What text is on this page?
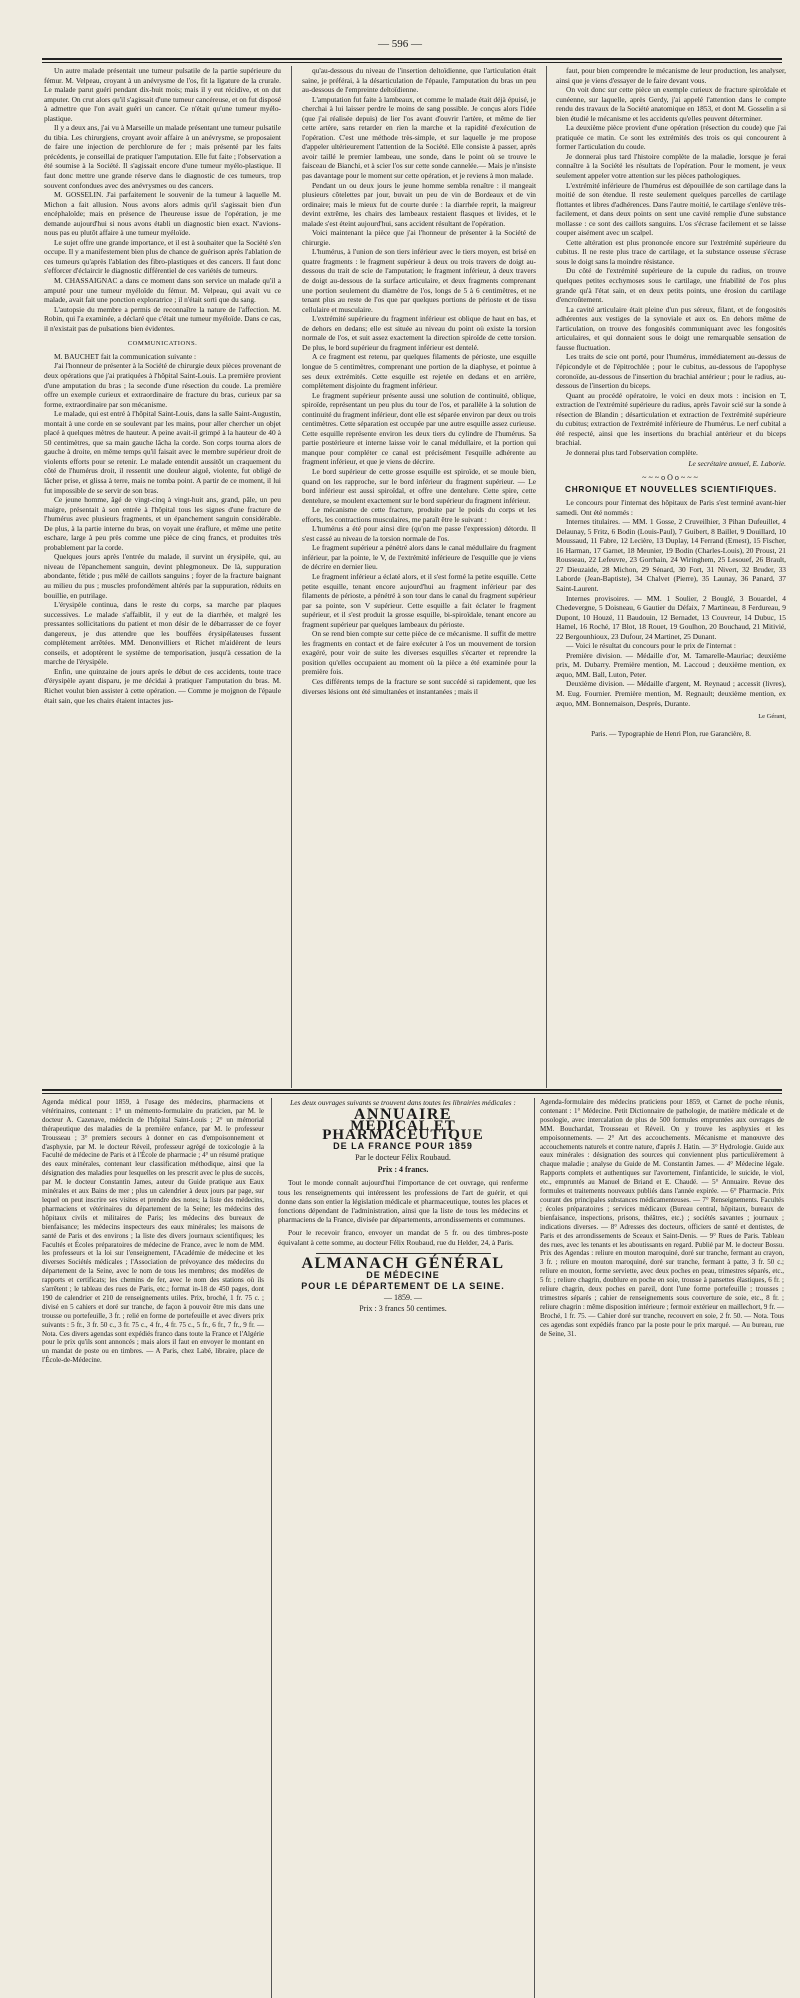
— 596 —

Un autre malade présentait une tumeur pulsatile de la partie supérieure du fémur. M. Velpeau, croyant à un anévrysme de l'os, fit la ligature de la crurale. Le malade parut guéri pendant dix-huit mois; mais il y eut récidive, et on dut amputer. On crut alors qu'il s'agissait d'une tumeur cancéreuse, et on fut disposé à admettre que l'on avait guéri un cancer. Ce n'était qu'une tumeur myélo-plastique.

Il y a deux ans, j'ai vu à Marseille un malade présentant une tumeur pulsatile du tibia. Les chirurgiens, croyant avoir affaire à un anévrysme, se proposaient de faire une injection de perchlorure de fer ; mais présenté par les faits précédents, je conseillai de pratiquer l'amputation. Elle fut faite ; l'observation a été soumise à la Société. Il s'agissait encore d'une tumeur myélo-plastique. Il faut donc mettre une grande réserve dans le diagnostic de ces tumeurs, trop souvent confondues avec des anévrysmes ou des cancers.

M. GOSSELIN. J'ai parfaitement le souvenir de la tumeur à laquelle M. Michon a fait allusion. Nous avons alors admis qu'il s'agissait bien d'un encéphaloïde; mais en présence de l'heureuse issue de l'opération, je me demande aujourd'hui si nous avons établi un diagnostic bien exact. N'avions-nous pas eu plutôt affaire à une tumeur myéloïde.

Le sujet offre une grande importance, et il est à souhaiter que la Société s'en occupe. Il y a manifestement bien plus de chance de guérison après l'ablation de ces tumeurs qu'après l'ablation des fibro-plastiques et des cancers. Il faut donc s'efforcer d'éclaircir le diagnostic différentiel de ces variétés de tumeurs.

M. CHASSAIGNAC a dans ce moment dans son service un malade qu'il a amputé pour une tumeur myéloïde du fémur. M. Velpeau, qui avait vu ce malade, avait fait une ponction exploratrice ; il n'était sorti que du sang.

L'autopsie du membre a permis de reconnaître la nature de l'affection. M. Robin, qui l'a examinée, a déclaré que c'était une tumeur myéloïde. Dans ce cas, il n'existait pas de pulsations bien évidentes.

COMMUNICATIONS.

M. BAUCHET fait la communication suivante :

J'ai l'honneur de présenter à la Société de chirurgie deux pièces provenant de deux opérations que j'ai pratiquées à l'hôpital Saint-Louis. La première provient d'une amputation du bras ; la seconde d'une résection du coude. La première offre un exemple curieux et extraordinaire de fracture du bras, curieux par sa forme, extraordinaire par son mécanisme.

Le malade, qui est entré à l'hôpital Saint-Louis, dans la salle Saint-Augustin, montait à une corde en se soulevant par les mains, pour aller chercher un objet placé à quelques mètres de hauteur. A peine avait-il grimpé à la hauteur de 40 à 50 centimètres, que sa main gauche lâcha la corde. Son corps tourna alors de gauche à droite, en même temps qu'il faisait avec le membre supérieur droit de violents efforts pour se retenir. Le malade entendit aussitôt un craquement du côté de l'humérus droit, il ressentit une douleur aiguë, violente, fut obligé de lâcher prise, et glissa à terre, mais ne tomba point. A partir de ce moment, il lui fut impossible de se servir de son bras.

Ce jeune homme, âgé de vingt-cinq à vingt-huit ans, grand, pâle, un peu maigre, présentait à son entrée à l'hôpital tous les signes d'une fracture de l'humérus avec plusieurs fragments, et un épanchement sanguin considérable. De plus, à la partie interne du bras, on voyait une éraflure, et même une petite eschare, large à peu près comme une pièce de cinq francs, et produites très probablement par la corde.

Quelques jours après l'entrée du malade, il survint un érysipèle, qui, au niveau de l'épanchement sanguin, devint phlegmoneux. De là, suppuration abondante, fétide ; pus mêlé de caillots sanguins ; foyer de la fracture baignant au milieu du pus ; muscles profondément altérés par la suppuration, réduits en bouillie, en putrilage.

L'érysipèle continua, dans le reste du corps, sa marche par plaques successives. Le malade s'affaiblit, il y eut de la diarrhée, et malgré les pressantes sollicitations du patient et mon désir de le débarrasser de ce foyer dangereux, je dus attendre que les bouffées érysipélateuses fussent complètement arrêtées. MM. Denonvilliers et Richet m'aidèrent de leurs conseils, et adoptèrent le système de temporisation, jusqu'à cessation de la marche de l'érysipèle.

Enfin, une quinzaine de jours après le début de ces accidents, toute trace d'érysipèle ayant disparu, je me décidai à pratiquer l'amputation du bras. M. Richet voulut bien assister à cette opération. — Comme je mojgnon de l'épaule était sain, que les chairs étaient intactes jus-

qu'au-dessous du niveau de l'insertion deltoïdienne, que l'articulation était saine, je préférai, à la désarticulation de l'épaule, l'amputation du bras un peu au-dessous de l'empreinte deltoïdienne.

L'amputation fut faite à lambeaux, et comme le malade était déjà épuisé, je cherchai à lui laisser perdre le moins de sang possible. Je conçus alors l'idée (que j'ai réalisée depuis) de lier l'os avant d'ouvrir l'artère, et même de lier cette artère, sans retarder en rien la marche et la rapidité d'exécution de l'opération. C'est une méthode très-simple, et sur laquelle je me propose d'appeler ultérieurement l'attention de la Société. Elle consiste à passer, après avoir taillé le premier lambeau, une sonde, dans le point où se trouve le faisceau de Bianchi, et à scier l'os sur cette sonde cannelée.— Mais je n'insiste pas davantage pour le moment sur cette opération, et je reviens à mon malade.

Pendant un ou deux jours le jeune homme sembla renaître : il mangeait plusieurs côtelettes par jour, buvait un peu de vin de Bordeaux et de vin ordinaire; mais le mieux fut de courte durée : la diarrhée reprit, la maigreur devint extrême, les chairs des lambeaux restaient flasques et livides, et le malade s'est éteint aujourd'hui, sans accident résultant de l'opération.

Voici maintenant la pièce que j'ai l'honneur de présenter à la Société de chirurgie.

L'humérus, à l'union de son tiers inférieur avec le tiers moyen, est brisé en quatre fragments : le fragment supérieur à deux ou trois travers de doigt au-dessous du trait de scie de l'amputation; le fragment inférieur, à deux travers de doigt au-dessous de la surface articulaire, et deux fragments comprenant une portion seulement du diamètre de l'os, longs de 5 à 6 centimètres, et ne tenant plus au reste de l'os que par quelques portions de périoste et de tissu cellulaire et musculaire.

L'extrémité supérieure du fragment inférieur est oblique de haut en bas, et de dehors en dedans; elle est située au niveau du point où existe la torsion normale de l'os, et suit assez exactement la direction spiroïde de cette torsion. De plus, le bord supérieur du fragment inférieur est dentelé.

A ce fragment est retenu, par quelques filaments de périoste, une esquille longue de 5 centimètres, comprenant une portion de la diaphyse, et pointue à ses deux extrémités. Cette esquille est rejetée en dedans et en arrière, complètement disjointe du fragment inférieur.

Le fragment supérieur présente aussi une solution de continuité, oblique, spiroïde, représentant un peu plus du tour de l'os, et parallèle à la solution de continuité du fragment inférieur, dont elle est séparée environ par deux ou trois centimètres. Cette séparation est occupée par une autre esquille assez curieuse. Cette esquille représente environ les deux tiers du cylindre de l'humérus. Sa partie postérieure et interne laisse voir le canal médullaire, et la portion qui manque pour compléter ce canal est précisément l'esquille adhérente au fragment inférieur, et que je viens de décrire.

Le bord supérieur de cette grosse esquille est spiroïde, et se moule bien, quand on les rapproche, sur le bord inférieur du fragment supérieur. — Le bord inférieur est aussi spiroïdal, et offre une dentelure. Cette spire, cette dentelure, se moulent exactement sur le bord supérieur du fragment inférieur.

Le mécanisme de cette fracture, produite par le poids du corps et les efforts, les contractions musculaires, me paraît être le suivant :

L'humérus a été pour ainsi dire (qu'on me passe l'expression) détordu. Il s'est cassé au niveau de la torsion normale de l'os.

Le fragment supérieur a pénétré alors dans le canal médullaire du fragment inférieur, par la pointe, le V, de l'extrémité inférieure de l'esquille que je viens de décrire en dernier lieu.

Le fragment inférieur a éclaté alors, et il s'est formé la petite esquille. Cette petite esquille, tenant encore aujourd'hui au fragment inférieur par des filaments de périoste, a pénétré à son tour dans le canal du fragment supérieur par sa pointe, son V supérieur. Cette esquille a fait éclater le fragment supérieur, et il s'est produit la grosse esquille, bi-spiroïdale, tenant encore au fragment supérieur par quelques lambeaux du périoste.

On se rend bien compte sur cette pièce de ce mécanisme. Il suffit de mettre les fragments en contact et de faire exécuter à l'os un mouvement de torsion exagéré, pour voir de suite les diverses esquilles s'écarter et reprendre la position qu'elles occupaient au moment où la pièce a été examinée pour la première fois.

Ces différents temps de la fracture se sont succédé si rapidement, que les diverses lésions ont été simultanées et instantanées ; mais il

faut, pour bien comprendre le mécanisme de leur production, les analyser, ainsi que je viens d'essayer de le faire devant vous.

On voit donc sur cette pièce un exemple curieux de fracture spiroïdale et cunéenne, sur laquelle, après Gerdy, j'ai appelé l'attention dans le compte rendu des travaux de la Société anatomique en 1853, et dont M. Gosselin a si bien étudié le mécanisme et les accidents qu'elles peuvent déterminer.

La deuxième pièce provient d'une opération (résection du coude) que j'ai pratiquée ce matin. Ce sont les extrémités des trois os qui concourent à former l'articulation du coude.

Je donnerai plus tard l'histoire complète de la maladie, lorsque je ferai connaître à la Société les résultats de l'opération. Pour le moment, je veux seulement appeler votre attention sur les pièces pathologiques.

L'extrémité inférieure de l'humérus est dépouillée de son cartilage dans la moitié de son étendue. Il reste seulement quelques parcelles de cartilage flottantes et libres d'adhérences. Dans l'autre moitié, le cartilage s'enlève très-facilement, et dans deux points on sent une cavité remplie d'une substance mollasse : ce sont des caillots sanguins. L'os s'écrase facilement et se laisse couper aisément avec un scalpel.

Cette altération est plus prononcée encore sur l'extrémité supérieure du cubitus. Il ne reste plus trace de cartilage, et la substance osseuse s'écrase sous le doigt sans la moindre résistance.

Du côté de l'extrémité supérieure de la cupule du radius, on trouve quelques petites ecchymoses sous le cartilage, une friabilité de l'os plus grande qu'à l'état sain, et en deux petits points, une érosion du cartilage d'encroûtement.

La cavité articulaire était pleine d'un pus séreux, filant, et de fongosités adhérentes aux vestiges de la synoviale et aux os. En dehors même de l'articulation, on trouve des fongosités communiquant avec les fongosités articulaires, et qui donnaient sous le doigt une remarquable sensation de fausse fluctuation.

Les traits de scie ont porté, pour l'humérus, immédiatement au-dessus de l'épicondyle et de l'épitrochlée ; pour le cubitus, au-dessous de l'apophyse coronoïde, au-dessous de l'insertion du brachial antérieur ; pour le radius, au-dessous de l'insertion du biceps.

Quant au procédé opératoire, le voici en deux mots : incision en T, extraction de l'extrémité supérieure du radius, après l'avoir scié sur la sonde à résection de Blandin ; désarticulation et extraction de l'extrémité supérieure du cubitus; extraction de l'extrémité inférieure de l'humérus. Le nerf cubital a été respecté, ainsi que les insertions du brachial antérieur et du biceps brachial.

Je donnerai plus tard l'observation complète.

Le secrétaire annuel, E. Laborie.
~~~oOo~~~
CHRONIQUE ET NOUVELLES SCIENTIFIQUES.

Le concours pour l'internat des hôpitaux de Paris s'est terminé avant-hier samedi. Ont été nommés :

Internes titulaires. — MM. 1 Gosse, 2 Cruveilhier, 3 Pihan Dufeuillet, 4 Delaunay, 5 Fritz, 6 Bodin (Louis-Paul), 7 Guibert, 8 Baillet, 9 Douillard, 10 Moussaud, 11 Fabre, 12 Lecière, 13 Duplay, 14 Ferrand (Ernest), 15 Fischer, 16 Harman, 17 Garnet, 18 Meunier, 19 Bodin (Charles-Louis), 20 Proust, 21 Rousseau, 22 Lefeuvre, 23 Gorrhain, 24 Wiringhem, 25 Lesouef, 26 Brault, 27 Dieuzaide, 28 Michon, 29 Sénard, 30 Fort, 31 Nivert, 32 Bruder, 33 Laborde (Jean-Baptiste), 34 Chalvet (Pierre), 35 Launay, 36 Panard, 37 Saint-Laurent.

Internes provisoires. — MM. 1 Soulier, 2 Bouglé, 3 Bouardel, 4 Chedevergne, 5 Doisneau, 6 Gautier du Défaix, 7 Martineau, 8 Ferdureau, 9 Dupont, 10 Houzé, 11 Baudouin, 12 Bernadet, 13 Couvreur, 14 Dubuc, 15 Hamel, 16 Roché, 17 Blot, 18 Rouet, 19 Goulhon, 20 Bouchaud, 21 Mitivié, 22 Bergounhioux, 23 Dufour, 24 Martinet, 25 Dunant.

— Voici le résultat du concours pour le prix de l'internat :

Première division. — Médaille d'or, M. Tamarelle-Mauriac; deuxième prix, M. Dubarry. Première mention, M. Laccoud ; deuxième mention, ex æquo, MM. Ball, Luton, Peter.

Deuxième division. — Médaille d'argent, M. Reynaud ; accessit (livres), M. Eug. Fournier. Première mention, M. Regnault; deuxième mention, ex æquo, MM. Bonnemaison, Desprès, Durante.

Le Gérant,
Paris. — Typographie de Henri Plon, rue Garancière, 8.
Agenda médical pour 1859, à l'usage des médecins, pharmaciens et vétérinaires, contenant : 1° un mémento-formulaire du praticien, par M. le docteur A. Cazenave, médecin de l'hôpital Saint-Louis ; 2° un mémorial thérapeutique des maladies de la première enfance, par M. le professeur Trousseau ; 3° premiers secours à donner en cas d'empoisonnement et d'asphyxie, par M. le docteur Réveil, professeur agrégé de toxicologie à la Faculté de médecine de Paris et à l'École de pharmacie ; 4° un résumé pratique des eaux minérales, contenant leur classification méthodique, ainsi que la désignation des maladies pour lesquelles on les prescrit avec le plus de succès, par M. le docteur Constantin James, auteur du Guide pratique aux Eaux minérales et aux Bains de mer ; plus un calendrier à deux jours par page, sur lequel on peut inscrire ses visites et prendre des notes; la liste des médecins, pharmaciens et vétérinaires du département de la Seine; les médecins des hôpitaux civils et militaires de Paris; les médecins des bureaux de bienfaisance; les médecins inspecteurs des eaux minérales; les maisons de santé de Paris et des environs ; la liste des divers journaux scientifiques; les Facultés et Écoles préparatoires de médecine de France, avec le nom de MM. les professeurs et la loi sur l'enseignement, l'Académie de médecine et les diverses Sociétés médicales ; l'Association de prévoyance des médecins du département de la Seine, avec le nom de tous les membres; des modèles de rapports et certificats; les chemins de fer, avec le nom des stations où ils s'arrêtent ; le tableau des rues de Paris, etc.; format in-18 de 450 pages, dont 190 de calendrier et 210 de renseignements utiles. Prix, broché, 1 fr. 75 c. ; divisé en 5 cahiers et doré sur tranche, de façon à pouvoir être mis dans une trousse ou portefeuille, 3 fr. ; relié en forme de portefeuille et avec divers prix suivants : 5 fr., 3 fr. 50 c., 3 fr. 75 c., 4 fr., 4 fr. 75 c., 5 fr., 6 fr., 7 fr., 9 fr. — Nota. Ces divers agendas sont expédiés franco dans toute la France et l'Algérie pour le prix qu'ils sont annoncés ; mais alors il faut en envoyer le montant en un mandat de poste ou en timbres. — A Paris, chez Labé, libraire, place de l'École-de-Médecine.
Les deux ouvrages suivants se trouvent dans toutes les librairies médicales :
ANNUAIRE
MÉDICAL ET PHARMACEUTIQUE
DE LA FRANCE POUR 1859
Par le docteur Félix Roubaud.
Prix : 4 francs.
Tout le monde connaît aujourd'hui l'importance de cet ouvrage, qui renferme tous les renseignements qui intéressent les professions de l'art de guérir, et qui donne dans son entier la législation médicale et pharmaceutique, toutes les places et fonctions dépendant de l'administration, ainsi que la liste de tous les médecins et pharmaciens de la France, divisée par départements, arrondissements et communes.
Pour le recevoir franco, envoyer un mandat de 5 fr. ou des timbres-poste équivalant à cette somme, au docteur Félix Roubaud, rue du Helder, 24, à Paris.
ALMANACH GÉNÉRAL
DE MÉDECINE
POUR LE DÉPARTEMENT DE LA SEINE.
— 1859. —
Prix : 3 francs 50 centimes.
Agenda-formulaire des médecins praticiens pour 1859, et Carnet de poche réunis, contenant : 1° Médecine. Petit Dictionnaire de pathologie, de matière médicale et de posologie, avec intercalation de plus de 500 formules empruntées aux ouvrages de MM. Bouchardat, Trousseau et Réveil. On y trouve les asphyxies et les empoisonnements. — 2° Art des accouchements. Mécanisme et manœuvre des accouchements naturels et contre nature, d'après J. Hatin. — 3° Hydrologie. Guide aux eaux minérales : désignation des sources qui conviennent plus particulièrement à chaque maladie ; analyse du Guide de M. Constantin James. — 4° Médecine légale. Rapports complets et authentiques sur l'avortement, l'infanticide, le suicide, le viol, etc., empruntés au Manuel de Briand et E. Chaudé. — 5° Annuaire. Revue des formules et traitements nouveaux publiés dans l'année expirée. — 6° Pharmacie. Prix courant des principales substances médicamenteuses. — 7° Renseignements. Facultés ; écoles préparatoires ; services médicaux (Bureau central, hôpitaux, bureaux de bienfaisance, inspections, prisons, théâtres, etc.) ; sociétés savantes ; journaux ; indications diverses. — 8° Adresses des docteurs, officiers de santé et dentistes, de Paris et des arrondissements de Sceaux et Saint-Denis. — 9° Rues de Paris. Tableau des rues, avec les tenants et les aboutissants en regard. Publié par M. le docteur Bossu. Prix des Agendas : reliure en mouton maroquiné, doré sur tranche, fermant au crayon, 3 fr. ; reliure en mouton maroquiné, doré sur tranche, fermant à patte, 3 fr. 50 c.; reliure en mouton, forme serviette, avec deux poches en peau, trimestres séparés, etc., 5 fr. ; reliure chagrin, doublure en poche en soie, trousse à pansettes élastiques, 6 fr. ; reliure chagrin, deux poches en pareil, dont l'une forme portefeuille ; trousses ; trimestres séparés ; cahier de renseignements sous couverture de soie, etc., 8 fr. ; reliure chagrin : même disposition intérieure ; fermoir extérieur en maillechort, 9 fr. — Broché, 1 fr. 75. — Cahier doré sur tranche, recouvert en soie, 2 fr. 50. — Nota. Tous ces agendas sont expédiés franco par la poste pour le prix marqué. — Au bureau, rue de Seine, 31.
